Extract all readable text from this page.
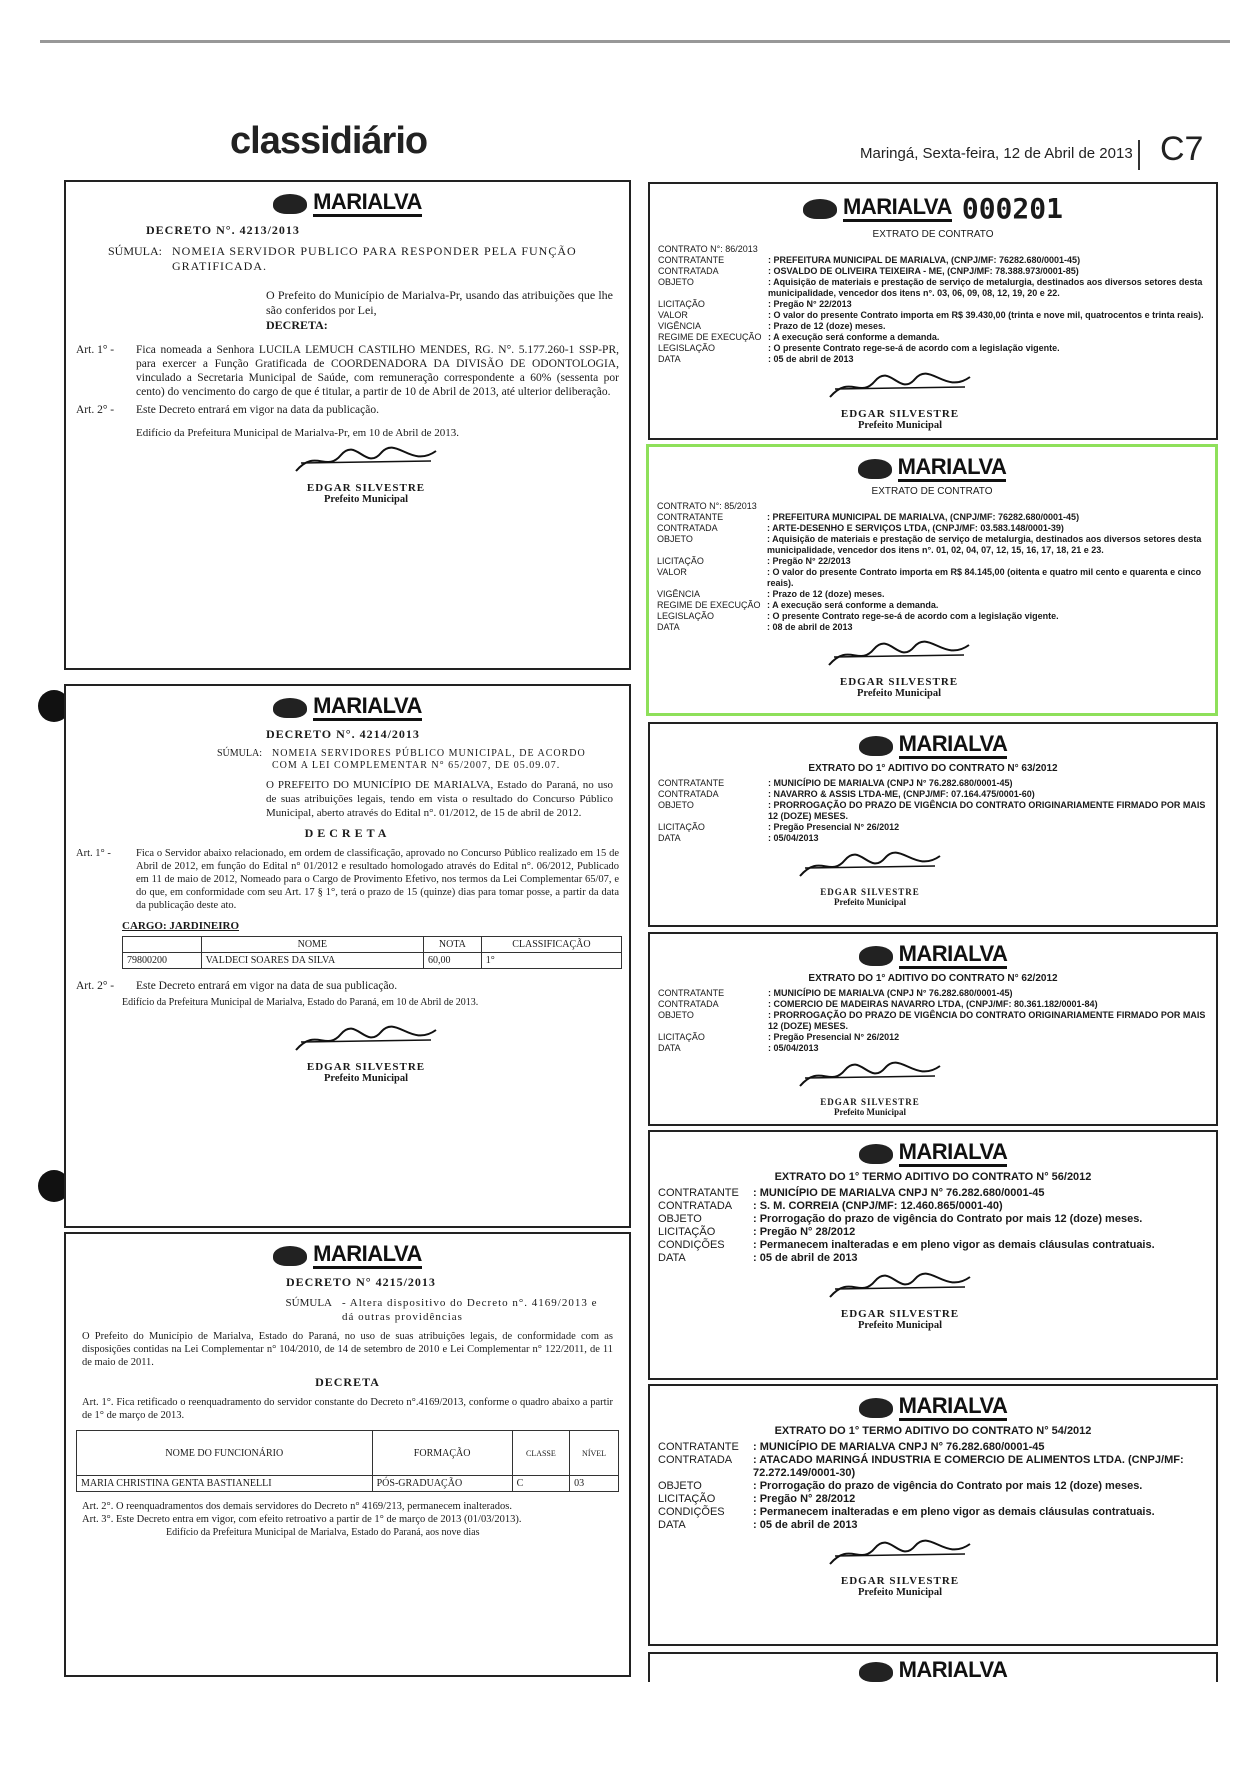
classidiário	Maringá, Sexta-feira, 12 de Abril de 2013 C7
MARIALVA
DECRETO N°. 4213/2013
SÚMULA: NOMEIA SERVIDOR PUBLICO PARA RESPONDER PELA FUNÇÃO GRATIFICADA.

O Prefeito do Município de Marialva-Pr, usando das atribuições que lhe são conferidos por Lei,

DECRETA:

Art. 1° -	Fica nomeada a Senhora LUCILA LEMUCH CASTILHO MENDES, RG. N°. 5.177.260-1 SSP-PR, para exercer a Função Gratificada de COORDENADORA DA DIVISÃO DE ODONTOLOGIA, vinculado a Secretaria Municipal de Saúde, com remuneração correspondente a 60% (sessenta por cento) do vencimento do cargo de que é titular, a partir de 10 de Abril de 2013, até ulterior deliberação.
Art. 2° -	Este Decreto entrará em vigor na data da publicação.

Edifício da Prefeitura Municipal de Marialva-Pr, em 10 de Abril de 2013.

EDGAR SILVESTRE
Prefeito Municipal
MARIALVA
DECRETO N°. 4214/2013
SÚMULA:	NOMEIA SERVIDORES PÚBLICO MUNICIPAL, DE ACORDO COM A LEI COMPLEMENTAR N° 65/2007, DE 05.09.07.

O PREFEITO DO MUNICÍPIO DE MARIALVA, Estado do Paraná, no uso de suas atribuições legais, tendo em vista o resultado do Concurso Público Municipal, aberto através do Edital n°. 01/2012, de 15 de abril de 2012.

DECRETA
Art. 1° -	Fica o Servidor abaixo relacionado, em ordem de classificação, aprovado no Concurso Público realizado em 15 de Abril de 2012, em função do Edital n° 01/2012 e resultado homologado através do Edital n°. 06/2012, Publicado em 11 de maio de 2012, Nomeado para o Cargo de Provimento Efetivo, nos termos da Lei Complementar 65/07, e do que, em conformidade com seu Art. 17 § 1°, terá o prazo de 15 (quinze) dias para tomar posse, a partir da data da publicação deste ato.
CARGO: JARDINEIRO
	NOME	NOTA	CLASSIFICAÇÃO
79800200	VALDECI SOARES DA SILVA	60,00	1°
Art. 2° -	Este Decreto entrará em vigor na data de sua publicação.

Edifício da Prefeitura Municipal de Marialva, Estado do Paraná, em 10 de Abril de 2013.

EDGAR SILVESTRE
Prefeito Municipal
MARIALVA
DECRETO N° 4215/2013
SÚMULA - Altera dispositivo do Decreto n°. 4169/2013 e dá outras providências

O Prefeito do Município de Marialva, Estado do Paraná, no uso de suas atribuições legais, de conformidade com as disposições contidas na Lei Complementar n° 104/2010, de 14 de setembro de 2010 e Lei Complementar n° 122/2011, de 11 de maio de 2011.

DECRETA

Art. 1°. Fica retificado o reenquadramento do servidor constante do Decreto n°.4169/2013, conforme o quadro abaixo a partir de 1° de março de 2013.

NOME DO FUNCIONÁRIO	FORMAÇÃO	CLASSE	NÍVEL
MARIA CHRISTINA GENTA BASTIANELLI	PÓS-GRADUAÇÃO	C	03

Art. 2°. O reenquadramentos dos demais servidores do Decreto n° 4169/213, permanecem inalterados.

Art. 3°. Este Decreto entra em vigor, com efeito retroativo a partir de 1° de março de 2013 (01/03/2013).

Edifício da Prefeitura Municipal de Marialva, Estado do Paraná, aos nove dias

MARIALVA 000201
EXTRATO DE CONTRATO
CONTRATO N°: 86/2013
CONTRATANTE	: PREFEITURA MUNICIPAL DE MARIALVA, (CNPJ/MF: 76282.680/0001-45)
CONTRATADA	: OSVALDO DE OLIVEIRA TEIXEIRA - ME, (CNPJ/MF: 78.388.973/0001-85)
OBJETO	: Aquisição de materiais e prestação de serviço de metalurgia, destinados aos diversos setores desta municipalidade, vencedor dos itens n°. 03, 06, 09, 08, 12, 19, 20 e 22.
LICITAÇÃO	: Pregão N° 22/2013
VALOR	: O valor do presente Contrato importa em R$ 39.430,00 (trinta e nove mil, quatrocentos e trinta reais).
VIGÊNCIA	: Prazo de 12 (doze) meses.
REGIME DE EXECUÇÃO : A execução será conforme a demanda.
LEGISLAÇÃO	: O presente Contrato rege-se-á de acordo com a legislação vigente.
DATA	: 05 de abril de 2013
EDGAR SILVESTRE
Prefeito Municipal
MARIALVA
EXTRATO DE CONTRATO
CONTRATO N°: 85/2013
CONTRATANTE	: PREFEITURA MUNICIPAL DE MARIALVA, (CNPJ/MF: 76282.680/0001-45)
CONTRATADA	: ARTE-DESENHO E SERVIÇOS LTDA, (CNPJ/MF: 03.583.148/0001-39)
OBJETO	: Aquisição de materiais e prestação de serviço de metalurgia, destinados aos diversos setores desta municipalidade, vencedor dos itens n°. 01, 02, 04, 07, 12, 15, 16, 17, 18, 21 e 23.
LICITAÇÃO	: Pregão N° 22/2013
VALOR	: O valor do presente Contrato importa em R$ 84.145,00 (oitenta e quatro mil cento e quarenta e cinco reais).
VIGÊNCIA	: Prazo de 12 (doze) meses.
REGIME DE EXECUÇÃO : A execução será conforme a demanda.
LEGISLAÇÃO	: O presente Contrato rege-se-á de acordo com a legislação vigente.
DATA	: 08 de abril de 2013
EDGAR SILVESTRE
Prefeito Municipal
MARIALVA
EXTRATO DO 1° ADITIVO DO CONTRATO N° 63/2012
CONTRATANTE	: MUNICÍPIO DE MARIALVA (CNPJ N° 76.282.680/0001-45)
CONTRATADA	: NAVARRO & ASSIS LTDA-ME, (CNPJ/MF: 07.164.475/0001-60)
OBJETO	: PRORROGAÇÃO DO PRAZO DE VIGÊNCIA DO CONTRATO ORIGINARIAMENTE FIRMADO POR MAIS 12 (DOZE) MESES.
LICITAÇÃO	: Pregão Presencial N° 26/2012
DATA	: 05/04/2013
EDGAR SILVESTRE
Prefeito Municipal
MARIALVA
EXTRATO DO 1° ADITIVO DO CONTRATO N° 62/2012
CONTRATANTE	: MUNICÍPIO DE MARIALVA (CNPJ N° 76.282.680/0001-45)
CONTRATADA	: COMERCIO DE MADEIRAS NAVARRO LTDA, (CNPJ/MF: 80.361.182/0001-84)
OBJETO	: PRORROGAÇÃO DO PRAZO DE VIGÊNCIA DO CONTRATO ORIGINARIAMENTE FIRMADO POR MAIS 12 (DOZE) MESES.
LICITAÇÃO	: Pregão Presencial N° 26/2012
DATA	: 05/04/2013
EDGAR SILVESTRE
Prefeito Municipal
MARIALVA
EXTRATO DO 1° TERMO ADITIVO DO CONTRATO N° 56/2012
CONTRATANTE	: MUNICÍPIO DE MARIALVA CNPJ N° 76.282.680/0001-45
CONTRATADA	: S. M. CORREIA (CNPJ/MF: 12.460.865/0001-40)
OBJETO	: Prorrogação do prazo de vigência do Contrato por mais 12 (doze) meses.
LICITAÇÃO	: Pregão N° 28/2012
CONDIÇÕES	: Permanecem inalteradas e em pleno vigor as demais cláusulas contratuais.
DATA	: 05 de abril de 2013
EDGAR SILVESTRE
Prefeito Municipal
MARIALVA
EXTRATO DO 1° TERMO ADITIVO DO CONTRATO N° 54/2012
CONTRATANTE	: MUNICÍPIO DE MARIALVA CNPJ N° 76.282.680/0001-45
CONTRATADA	: ATACADO MARINGÁ INDUSTRIA E COMERCIO DE ALIMENTOS LTDA. (CNPJ/MF: 72.272.149/0001-30)
OBJETO	: Prorrogação do prazo de vigência do Contrato por mais 12 (doze) meses.
LICITAÇÃO	: Pregão N° 28/2012
CONDIÇÕES	: Permanecem inalteradas e em pleno vigor as demais cláusulas contratuais.
DATA	: 05 de abril de 2013
EDGAR SILVESTRE
Prefeito Municipal
MARIALVA
